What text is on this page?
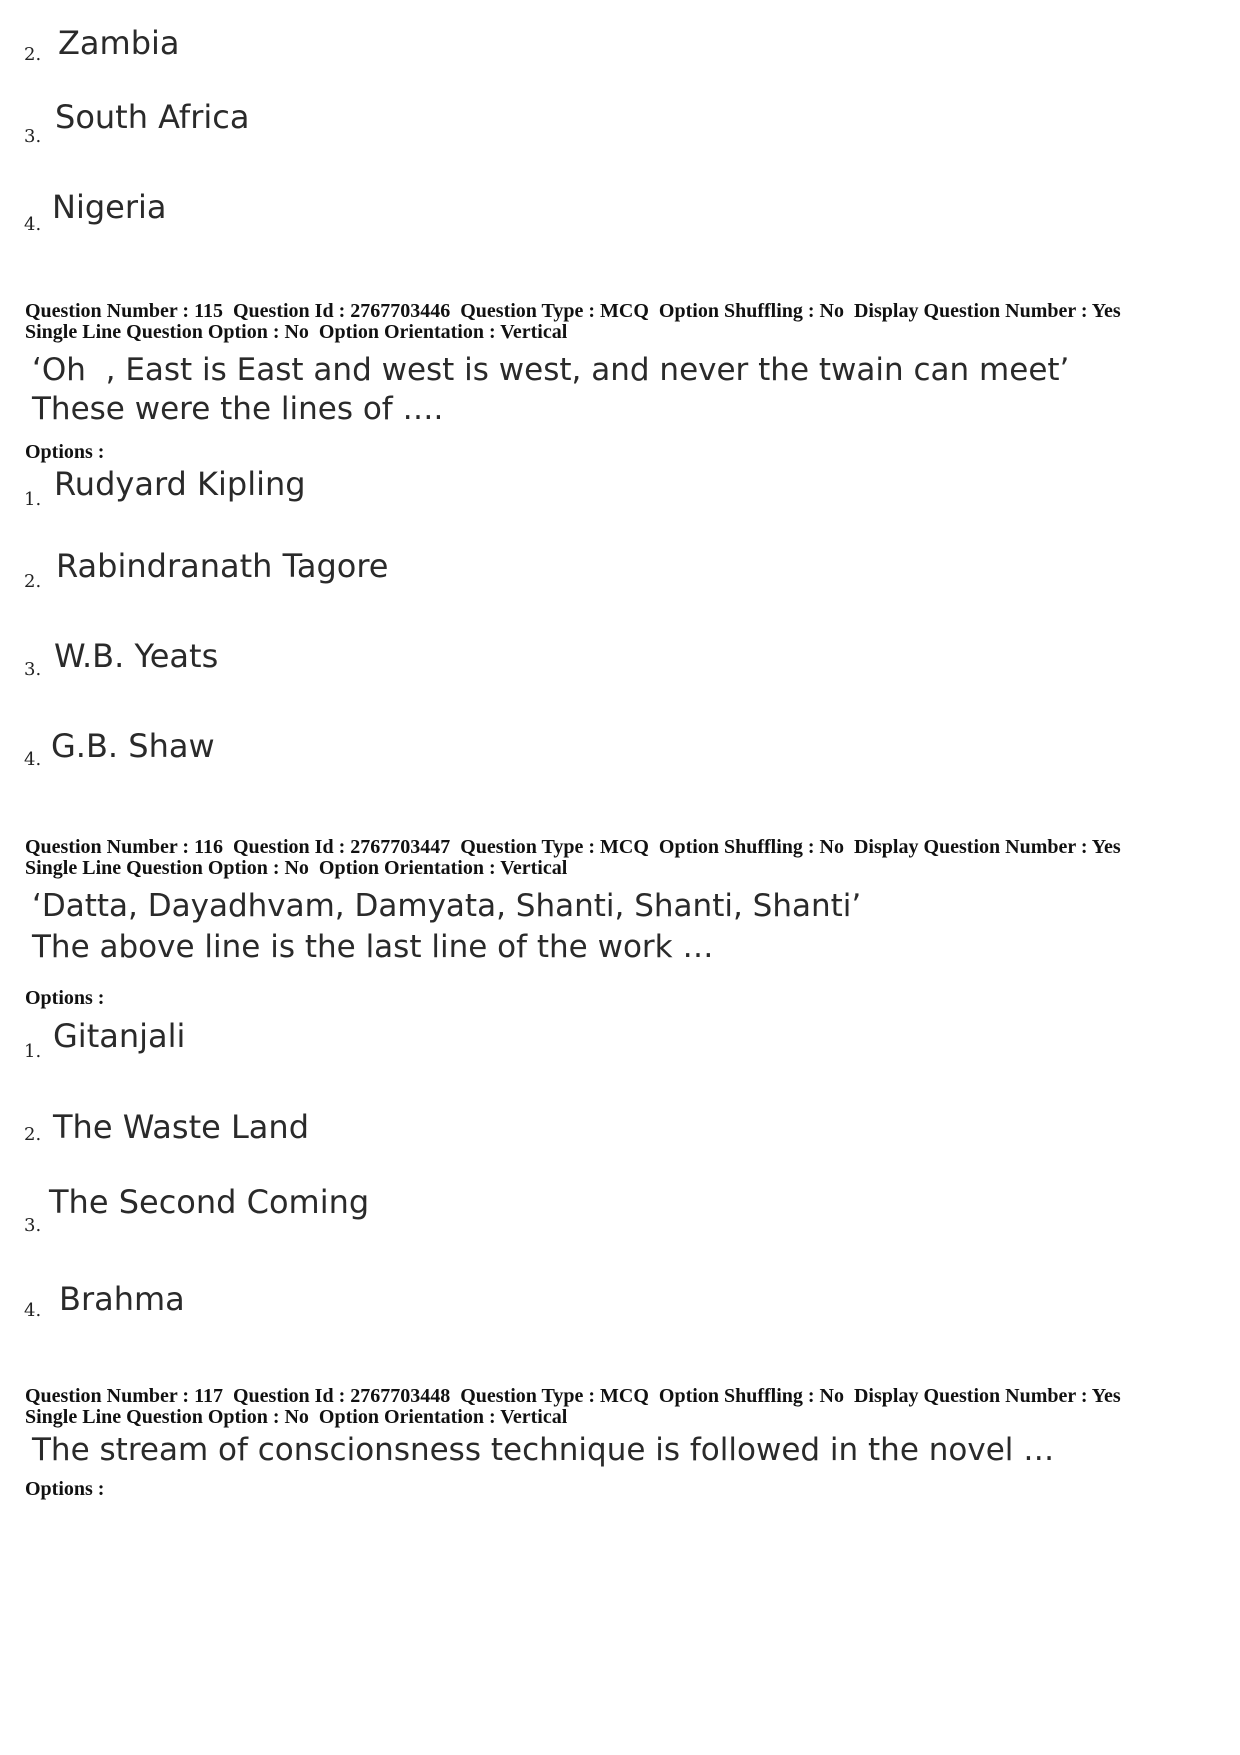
2. Zambia
3.
South Africa
4. Nigeria
Question Number : 115  Question Id : 2767703446  Question Type : MCQ  Option Shuffling : No  Display Question Number : Yes
Single Line Question Option : No  Option Orientation : Vertical
‘Oh  , East is East and west is west, and never the twain can meet’
These were the lines of ….
Options :
1. Rudyard Kipling
2. Rabindranath Tagore
3. W.B. Yeats
4. G.B. Shaw
Question Number : 116  Question Id : 2767703447  Question Type : MCQ  Option Shuffling : No  Display Question Number : Yes
Single Line Question Option : No  Option Orientation : Vertical
‘Datta, Dayadhvam, Damyata, Shanti, Shanti, Shanti’
The above line is the last line of the work …
Options :
1. Gitanjali
2. The Waste Land
3.
The Second Coming
4. Brahma
Question Number : 117  Question Id : 2767703448  Question Type : MCQ  Option Shuffling : No  Display Question Number : Yes
Single Line Question Option : No  Option Orientation : Vertical
The stream of conscionsness technique is followed in the novel …
Options :
